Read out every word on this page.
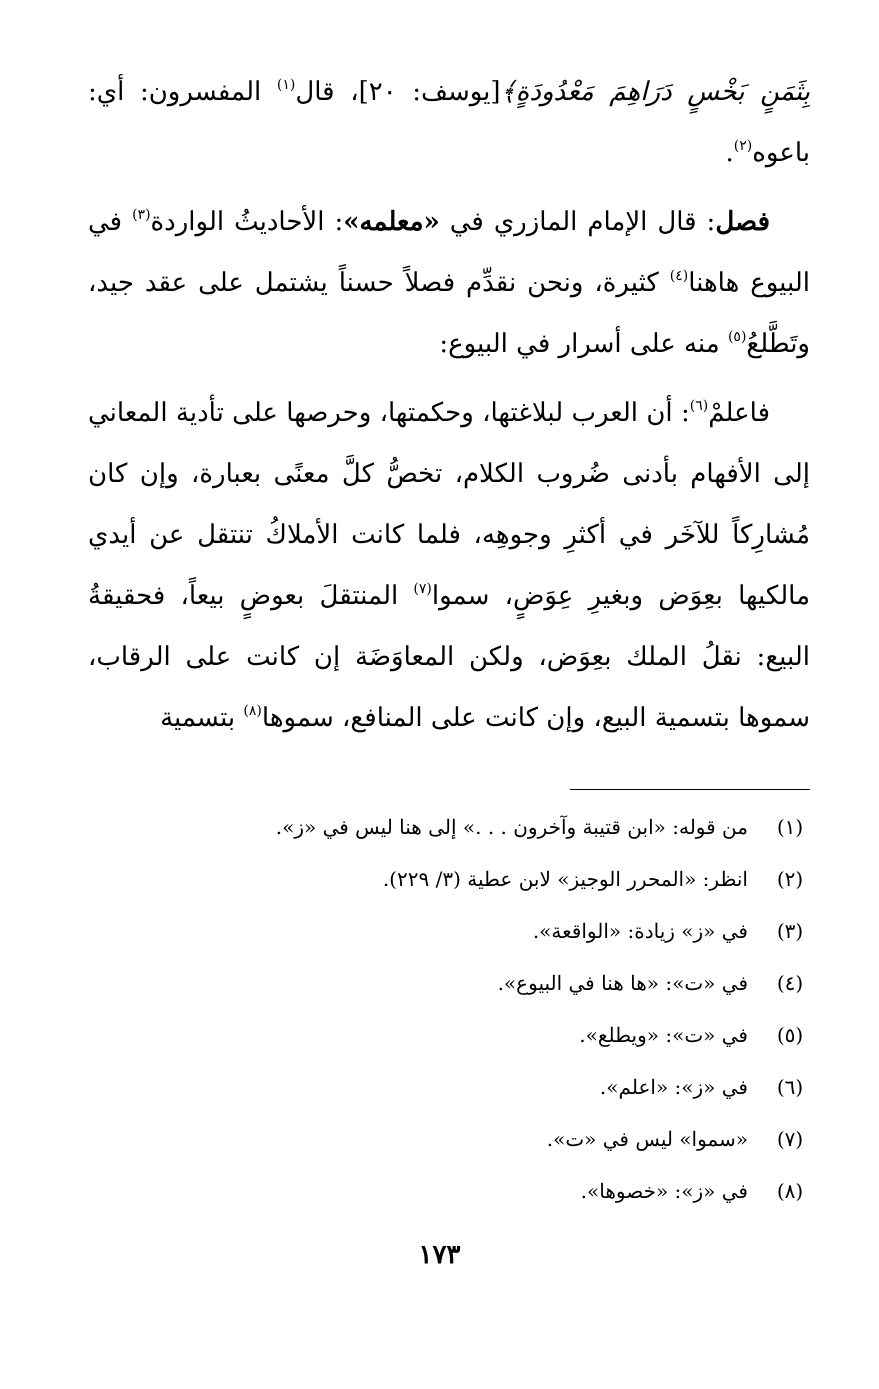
بِثَمَنٍ بَخْسٍ دَرَاهِمَ مَعْدُودَةٍ﴾[يوسف: ٢٠]، قال$^{(١)}$ المفسرون: أي: باعوه$^{(٢)}$.

فصل: قال الإمام المازري في «معلمه»: الأحاديثُ الواردة$^{(٣)}$ في البيوع هاهنا$^{(٤)}$ كثيرة، ونحن نقدِّم فصلاً حسناً يشتمل على عقد جيد، وتَطَّلعُ$^{(٥)}$ منه على أسرار في البيوع:

فاعلمْ$^{(٦)}$: أن العرب لبلاغتها، وحكمتها، وحرصها على تأدية المعاني إلى الأفهام بأدنى ضُروب الكلام، تخصُّ كلَّ معنًى بعبارة، وإن كان مُشارِكاً للآخَر في أكثرِ وجوهِه، فلما كانت الأملاكُ تنتقل عن أيدي مالكيها بعِوَض وبغيرِ عِوَضٍ، سموا$^{(٧)}$ المنتقلَ بعوضٍ بيعاً، فحقيقةُ البيع: نقلُ الملك بعِوَض، ولكن المعاوَضَة إن كانت على الرقاب، سموها بتسمية البيع، وإن كانت على المنافع، سموها$^{(٨)}$ بتسمية

(١)من قوله: «ابن قتيبة وآخرون . . .» إلى هنا ليس في «ز».
(٢)انظر: «المحرر الوجيز» لابن عطية (٣/ ٢٢٩).
(٣)في «ز» زيادة: «الواقعة».
(٤)في «ت»: «ها هنا في البيوع».
(٥)في «ت»: «ويطلع».
(٦)في «ز»: «اعلم».
(٧)«سموا» ليس في «ت».
(٨)في «ز»: «خصوها».
١٧٣
